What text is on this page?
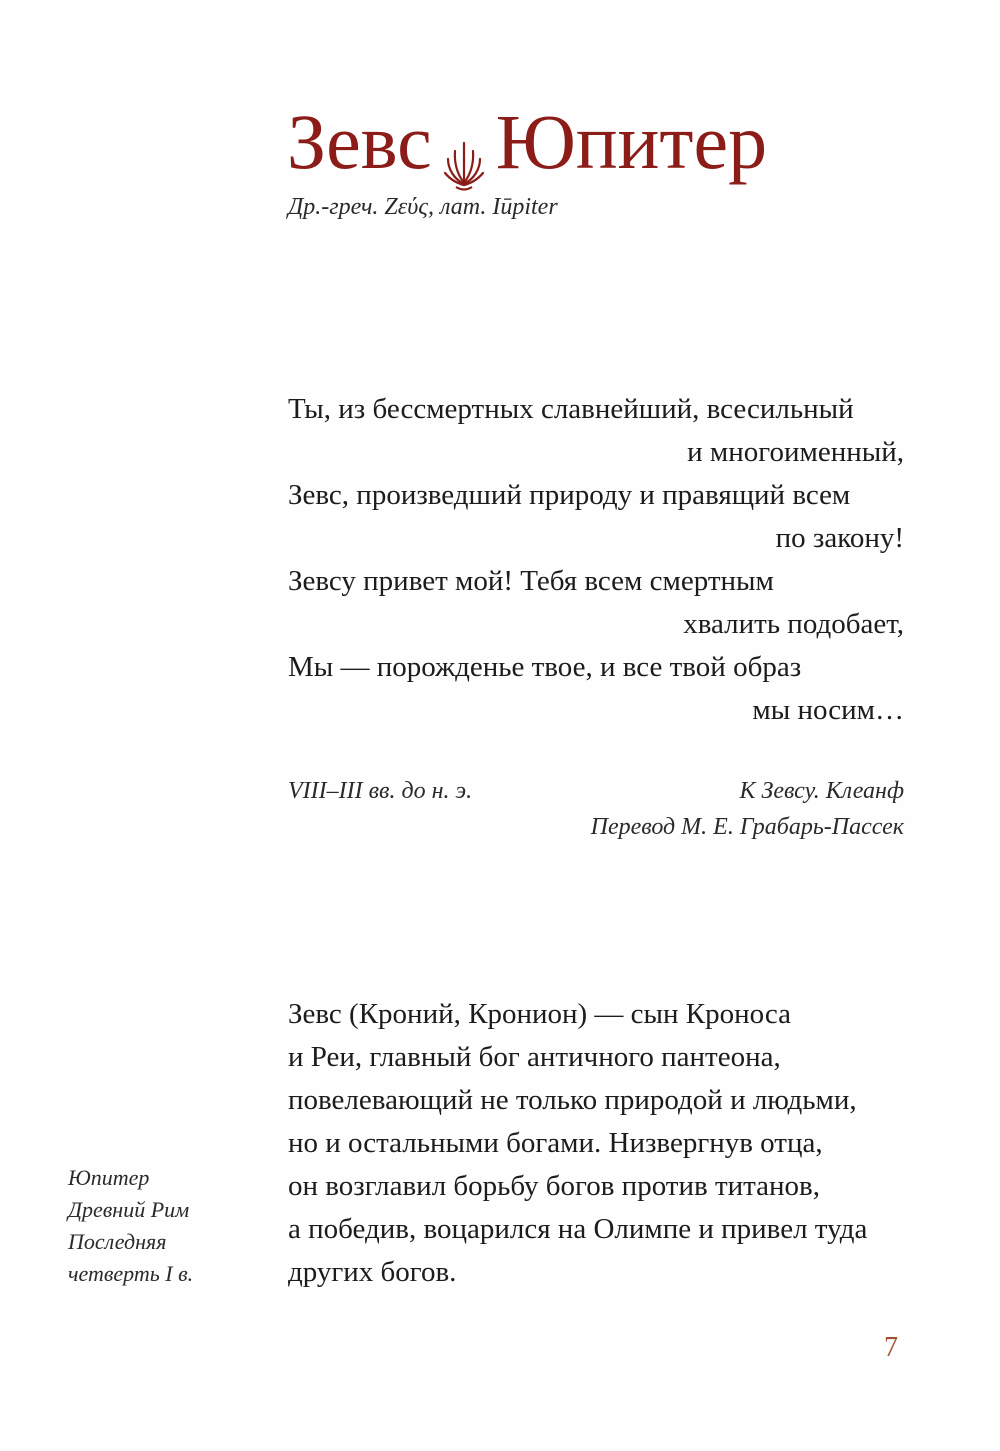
Зевс Юпитер
Др.-греч. Ζεύς, лат. Iūpiter
Ты, из бессмертных славнейший, всесильный
и многоименный,
Зевс, произведший природу и правящий всем
по закону!
Зевсу привет мой! Тебя всем смертным
хвалить подобает,
Мы — порожденье твое, и все твой образ
мы носим…
VIII–III вв. до н. э.	К Зевсу. Клеанф
Перевод М. Е. Грабарь-Пассек
Зевс (Кроний, Кронион) — сын Кроноса
и Реи, главный бог античного пантеона,
повелевающий не только природой и людьми,
но и остальными богами. Низвергнув отца,
он возглавил борьбу богов против титанов,
а победив, воцарился на Олимпе и привел туда
других богов.
Юпитер
Древний Рим
Последняя
четверть I в.
7
